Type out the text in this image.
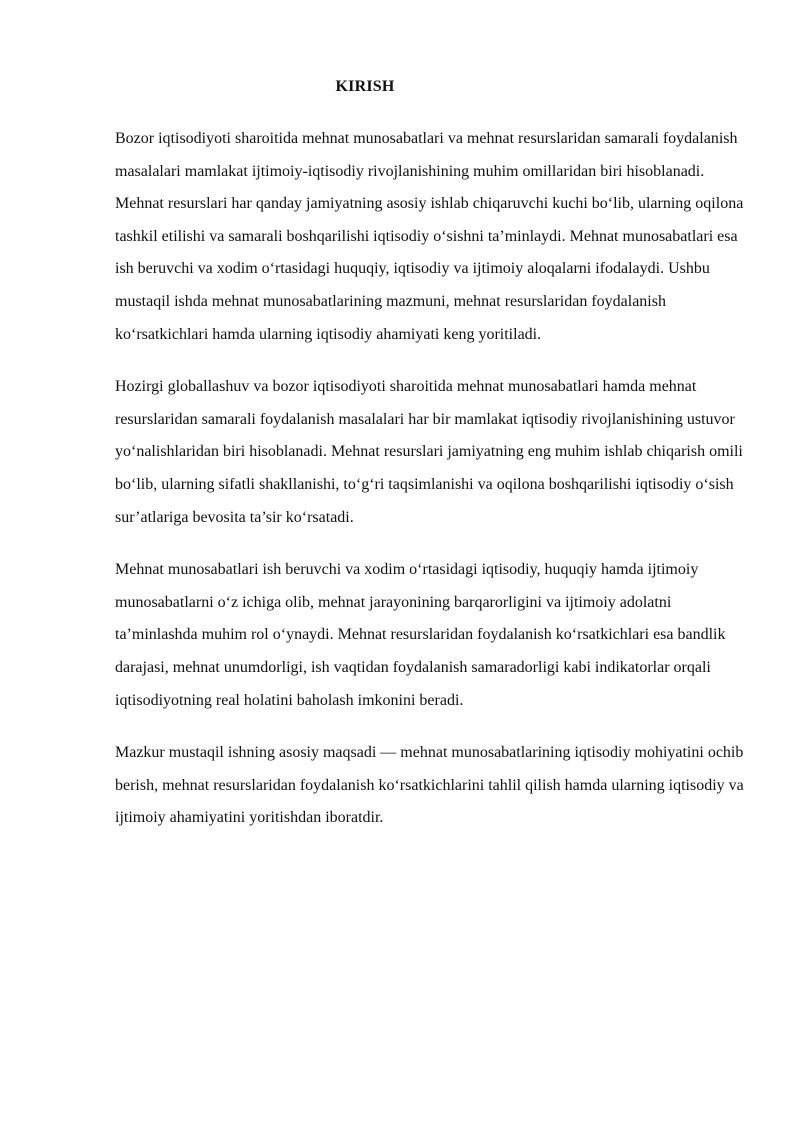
KIRISH

Bozor iqtisodiyoti sharoitida mehnat munosabatlari va mehnat resurslaridan samarali foydalanish masalalari mamlakat ijtimoiy-iqtisodiy rivojlanishining muhim omillaridan biri hisoblanadi. Mehnat resurslari har qanday jamiyatning asosiy ishlab chiqaruvchi kuchi bo‘lib, ularning oqilona tashkil etilishi va samarali boshqarilishi iqtisodiy o‘sishni ta’minlaydi. Mehnat munosabatlari esa ish beruvchi va xodim o‘rtasidagi huquqiy, iqtisodiy va ijtimoiy aloqalarni ifodalaydi. Ushbu mustaqil ishda mehnat munosabatlarining mazmuni, mehnat resurslaridan foydalanish ko‘rsatkichlari hamda ularning iqtisodiy ahamiyati keng yoritiladi.

Hozirgi globallashuv va bozor iqtisodiyoti sharoitida mehnat munosabatlari hamda mehnat resurslaridan samarali foydalanish masalalari har bir mamlakat iqtisodiy rivojlanishining ustuvor yo‘nalishlaridan biri hisoblanadi. Mehnat resurslari jamiyatning eng muhim ishlab chiqarish omili bo‘lib, ularning sifatli shakllanishi, to‘g‘ri taqsimlanishi va oqilona boshqarilishi iqtisodiy o‘sish sur’atlariga bevosita ta’sir ko‘rsatadi.

Mehnat munosabatlari ish beruvchi va xodim o‘rtasidagi iqtisodiy, huquqiy hamda ijtimoiy munosabatlarni o‘z ichiga olib, mehnat jarayonining barqarorligini va ijtimoiy adolatni ta’minlashda muhim rol o‘ynaydi. Mehnat resurslaridan foydalanish ko‘rsatkichlari esa bandlik darajasi, mehnat unumdorligi, ish vaqtidan foydalanish samaradorligi kabi indikatorlar orqali iqtisodiyotning real holatini baholash imkonini beradi.

Mazkur mustaqil ishning asosiy maqsadi — mehnat munosabatlarining iqtisodiy mohiyatini ochib berish, mehnat resurslaridan foydalanish ko‘rsatkichlarini tahlil qilish hamda ularning iqtisodiy va ijtimoiy ahamiyatini yoritishdan iboratdir.
